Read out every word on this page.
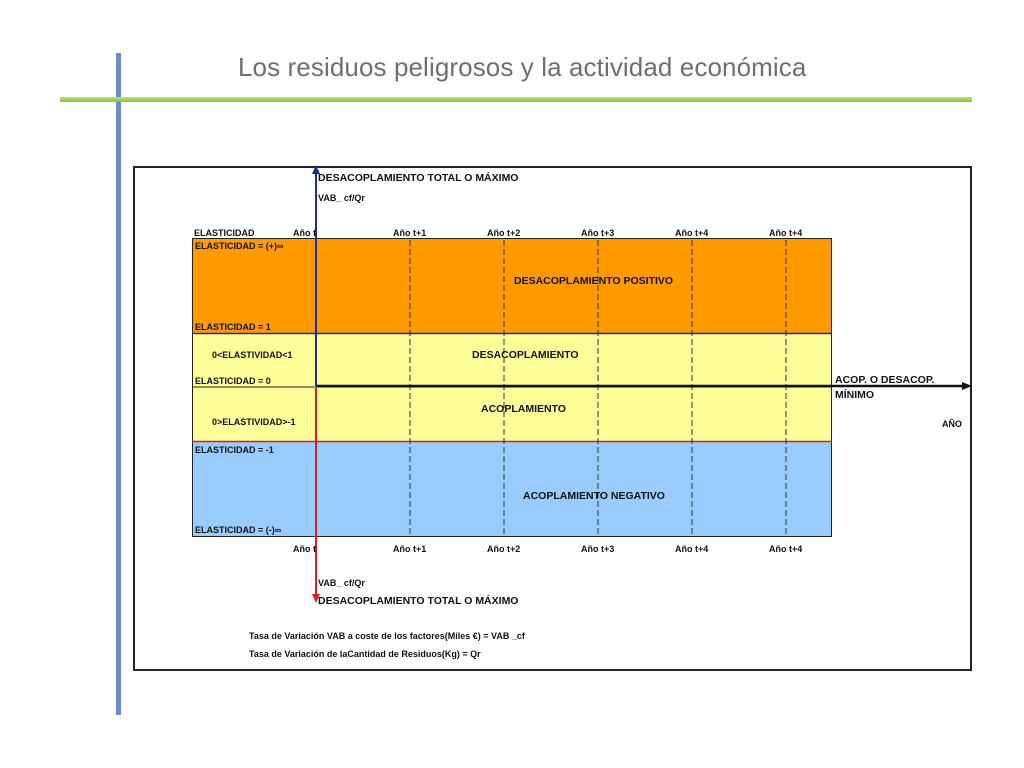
Los residuos peligrosos y la actividad económica
DESACOPLAMIENTO TOTAL O MÁXIMO
VAB_ cf/Qr
ELASTICIDAD	Año t	Año t+1	Año t+2	Año t+3	Año t+4	Año t+4
ELASTICIDAD = (+)∞
ELASTICIDAD = 1
0<ELASTIVIDAD<1
ELASTICIDAD = 0
0>ELASTIVIDAD>-1
ELASTICIDAD = -1
ELASTICIDAD = (-)∞
DESACOPLAMIENTO POSITIVO
DESACOPLAMIENTO
ACOPLAMIENTO
ACOPLAMIENTO NEGATIVO
ACOP. O DESACOP.
MÍNIMO
AÑO
Año t	Año t+1	Año t+2	Año t+3	Año t+4	Año t+4
VAB_ cf/Qr
DESACOPLAMIENTO TOTAL O MÁXIMO
Tasa de Variación VAB a coste de los factores(Miles €) = VAB _cf
Tasa de Variación de laCantidad de Residuos(Kg) = Qr
